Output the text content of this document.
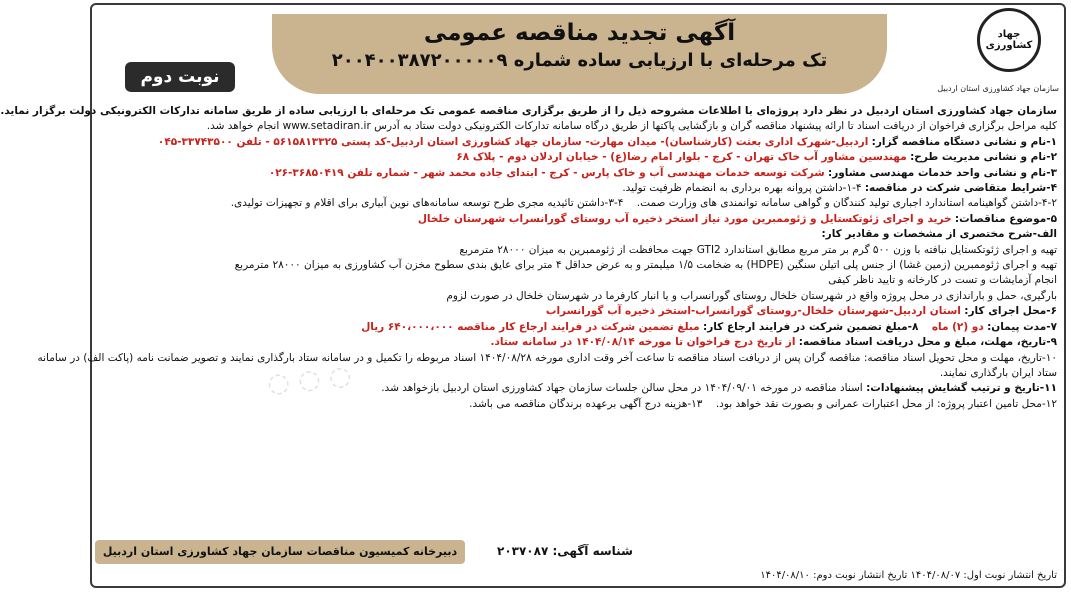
آگهی تجدید مناقصه عمومی
تک مرحله‌ای با ارزیابی ساده شماره ۲۰۰۴۰۰۳۸۷۲۰۰۰۰۰۹
نوبت دوم
جهاد کشاورزی
سازمان جهاد کشاورزی استان اردبیل
◌ ◌ ◌
سازمان جهاد کشاورزی استان اردبیل در نظر دارد پروژه‌ای با اطلاعات مشروحه ذیل را از طریق برگزاری مناقصه عمومی تک مرحله‌ای با ارزیابی ساده از طریق سامانه تدارکات الکترونیکی دولت برگزار نماید.
کلیه مراحل برگزاری فراخوان از دریافت اسناد تا ارائه پیشنهاد مناقصه گران و بازگشایی پاکتها از طریق درگاه سامانه تدارکات الکترونیکی دولت ستاد به آدرس www.setadiran.ir انجام خواهد شد.
۱-نام و نشانی دستگاه مناقصه گزار: اردبیل-شهرک اداری بعثت (کارشناسان)- میدان مهارت- سازمان جهاد کشاورزی استان اردبیل-کد پستی ۵۶۱۵۸۱۳۳۲۵ - تلفن ۳۳۷۴۳۵۰۰-۰۴۵
۲-نام و نشانی مدیریت طرح: مهندسین مشاور آب خاک تهران - کرج - بلوار امام رضا(ع) - خیابان اردلان دوم - پلاک ۶۸
۳-نام و نشانی واحد خدمات مهندسی مشاور: شرکت توسعه خدمات مهندسی آب و خاک پارس - کرج - ابتدای جاده محمد شهر - شماره تلفن ۳۶۸۵۰۴۱۹-۰۲۶
۴-شرایط متقاضی شرکت در مناقصه: ۴-۱-داشتن پروانه بهره برداری به انضمام ظرفیت تولید.
۴-۲-داشتن گواهینامه استاندارد اجباری تولید کنندگان و گواهی سامانه توانمندی های وزارت صمت.    ۴-۳-داشتن تائیدیه مجری طرح توسعه سامانه‌های نوین آبیاری برای اقلام و تجهیزات تولیدی.
۵-موضوع مناقصات: خرید و اجرای ژئوتکستایل و ژئوممبرین مورد نیاز استخر ذخیره آب روستای گورانسراب شهرستان خلخال
الف-شرح مختصری از مشخصات و مقادیر کار:
تهیه و اجرای ژئوتکستایل نبافته با وزن ۵۰۰ گرم بر متر مربع مطابق استاندارد GTI2 جهت محافظت از ژئوممبرین به میزان ۲۸۰۰۰ مترمربع
تهیه و اجرای ژئوممبرین (زمین غشا) از جنس پلی اتیلن سنگین (HDPE) به ضخامت ۱/۵ میلیمتر و به عرض حداقل ۴ متر برای عایق بندی سطوح مخزن آب کشاورزی به میزان ۲۸۰۰۰ مترمربع
انجام آزمایشات و تست در کارخانه و تایید ناظر کیفی
بارگیری، حمل و باراندازی در محل پروژه واقع در شهرستان خلخال روستای گورانسراب و یا انبار کارفرما در شهرستان خلخال در صورت لزوم
۶-محل اجرای کار: استان اردبیل-شهرستان خلخال-روستای گورانسراب-استخر ذخیره آب گورانسراب
۷-مدت پیمان: دو (۲) ماه    ۸-مبلغ تضمین شرکت در فرایند ارجاع کار: مبلغ تضمین شرکت در فرایند ارجاع کار مناقصه ۶۴۰،۰۰۰،۰۰۰ ریال
۹-تاریخ، مهلت، مبلغ و محل دریافت اسناد مناقصه: از تاریخ درج فراخوان تا مورخه ۱۴۰۴/۰۸/۱۴ در سامانه ستاد.
۱۰-تاریخ، مهلت و محل تحویل اسناد مناقصه: مناقصه گران پس از دریافت اسناد مناقصه تا ساعت آخر وقت اداری مورخه ۱۴۰۴/۰۸/۲۸ اسناد مربوطه را تکمیل و در سامانه ستاد بارگذاری نمایند و تصویر ضمانت نامه (پاکت الف) در سامانه
ستاد ایران بارگذاری نمایند.
۱۱-تاریخ و ترتیب گشایش پیشنهادات: اسناد مناقصه در مورخه ۱۴۰۴/۰۹/۰۱ در محل سالن جلسات سازمان جهاد کشاورزی استان اردبیل بازخواهد شد.
۱۲-محل تامین اعتبار پروژه: از محل اعتبارات عمرانی و بصورت نقد خواهد بود.    ۱۳-هزینه درج آگهی برعهده برندگان مناقصه می باشد.
دبیرخانه کمیسیون مناقصات سازمان جهاد کشاورزی استان اردبیل	شناسه آگهی: ۲۰۳۷۰۸۷
تاریخ انتشار نوبت اول: ۱۴۰۴/۰۸/۰۷ تاریخ انتشار نوبت دوم: ۱۴۰۴/۰۸/۱۰
